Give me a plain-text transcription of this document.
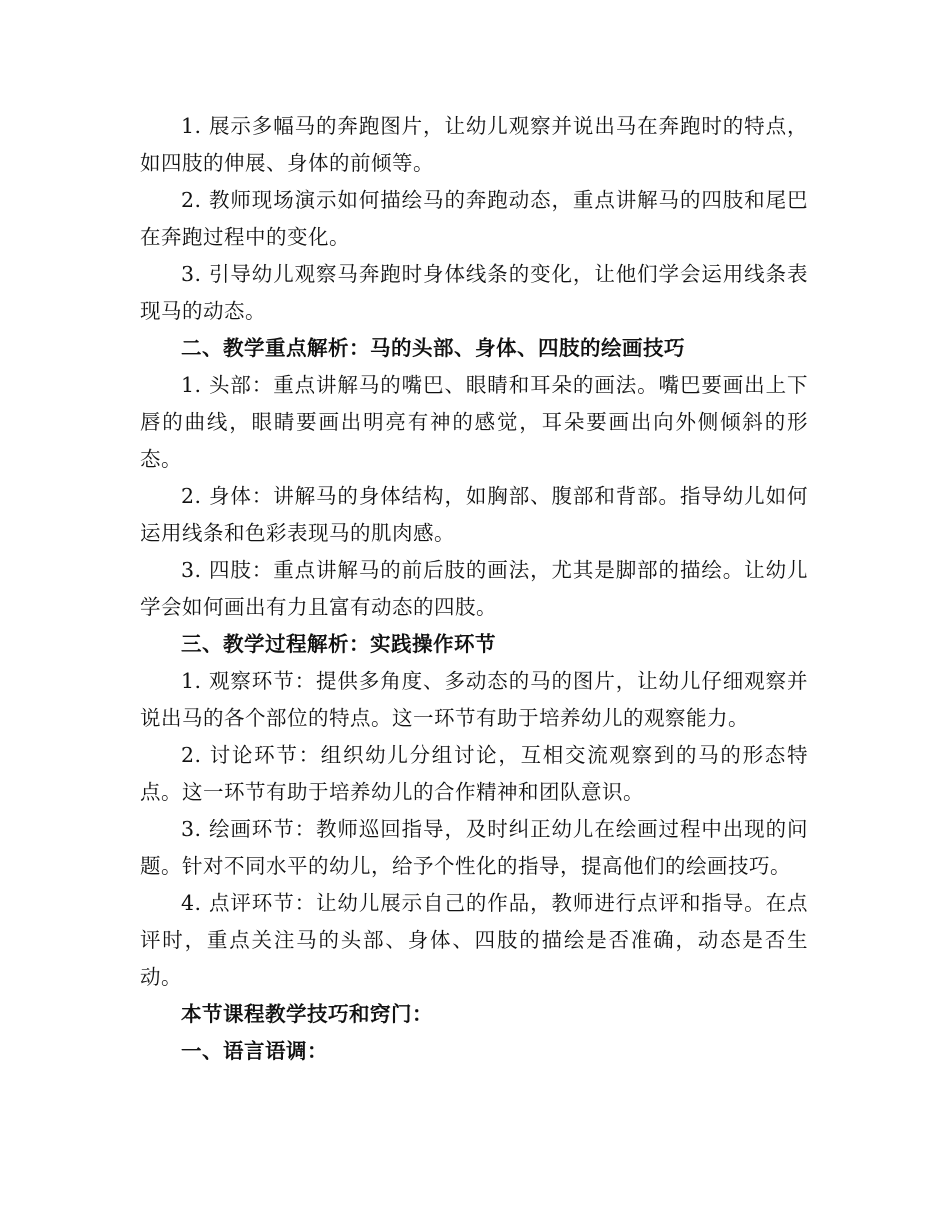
1. 展示多幅马的奔跑图片，让幼儿观察并说出马在奔跑时的特点，如四肢的伸展、身体的前倾等。

2. 教师现场演示如何描绘马的奔跑动态，重点讲解马的四肢和尾巴在奔跑过程中的变化。

3. 引导幼儿观察马奔跑时身体线条的变化，让他们学会运用线条表现马的动态。

二、教学重点解析：马的头部、身体、四肢的绘画技巧

1. 头部：重点讲解马的嘴巴、眼睛和耳朵的画法。嘴巴要画出上下唇的曲线，眼睛要画出明亮有神的感觉，耳朵要画出向外侧倾斜的形态。

2. 身体：讲解马的身体结构，如胸部、腹部和背部。指导幼儿如何运用线条和色彩表现马的肌肉感。

3. 四肢：重点讲解马的前后肢的画法，尤其是脚部的描绘。让幼儿学会如何画出有力且富有动态的四肢。

三、教学过程解析：实践操作环节

1. 观察环节：提供多角度、多动态的马的图片，让幼儿仔细观察并说出马的各个部位的特点。这一环节有助于培养幼儿的观察能力。

2. 讨论环节：组织幼儿分组讨论，互相交流观察到的马的形态特点。这一环节有助于培养幼儿的合作精神和团队意识。

3. 绘画环节：教师巡回指导，及时纠正幼儿在绘画过程中出现的问题。针对不同水平的幼儿，给予个性化的指导，提高他们的绘画技巧。

4. 点评环节：让幼儿展示自己的作品，教师进行点评和指导。在点评时，重点关注马的头部、身体、四肢的描绘是否准确，动态是否生动。

本节课程教学技巧和窍门：

一、语言语调：
